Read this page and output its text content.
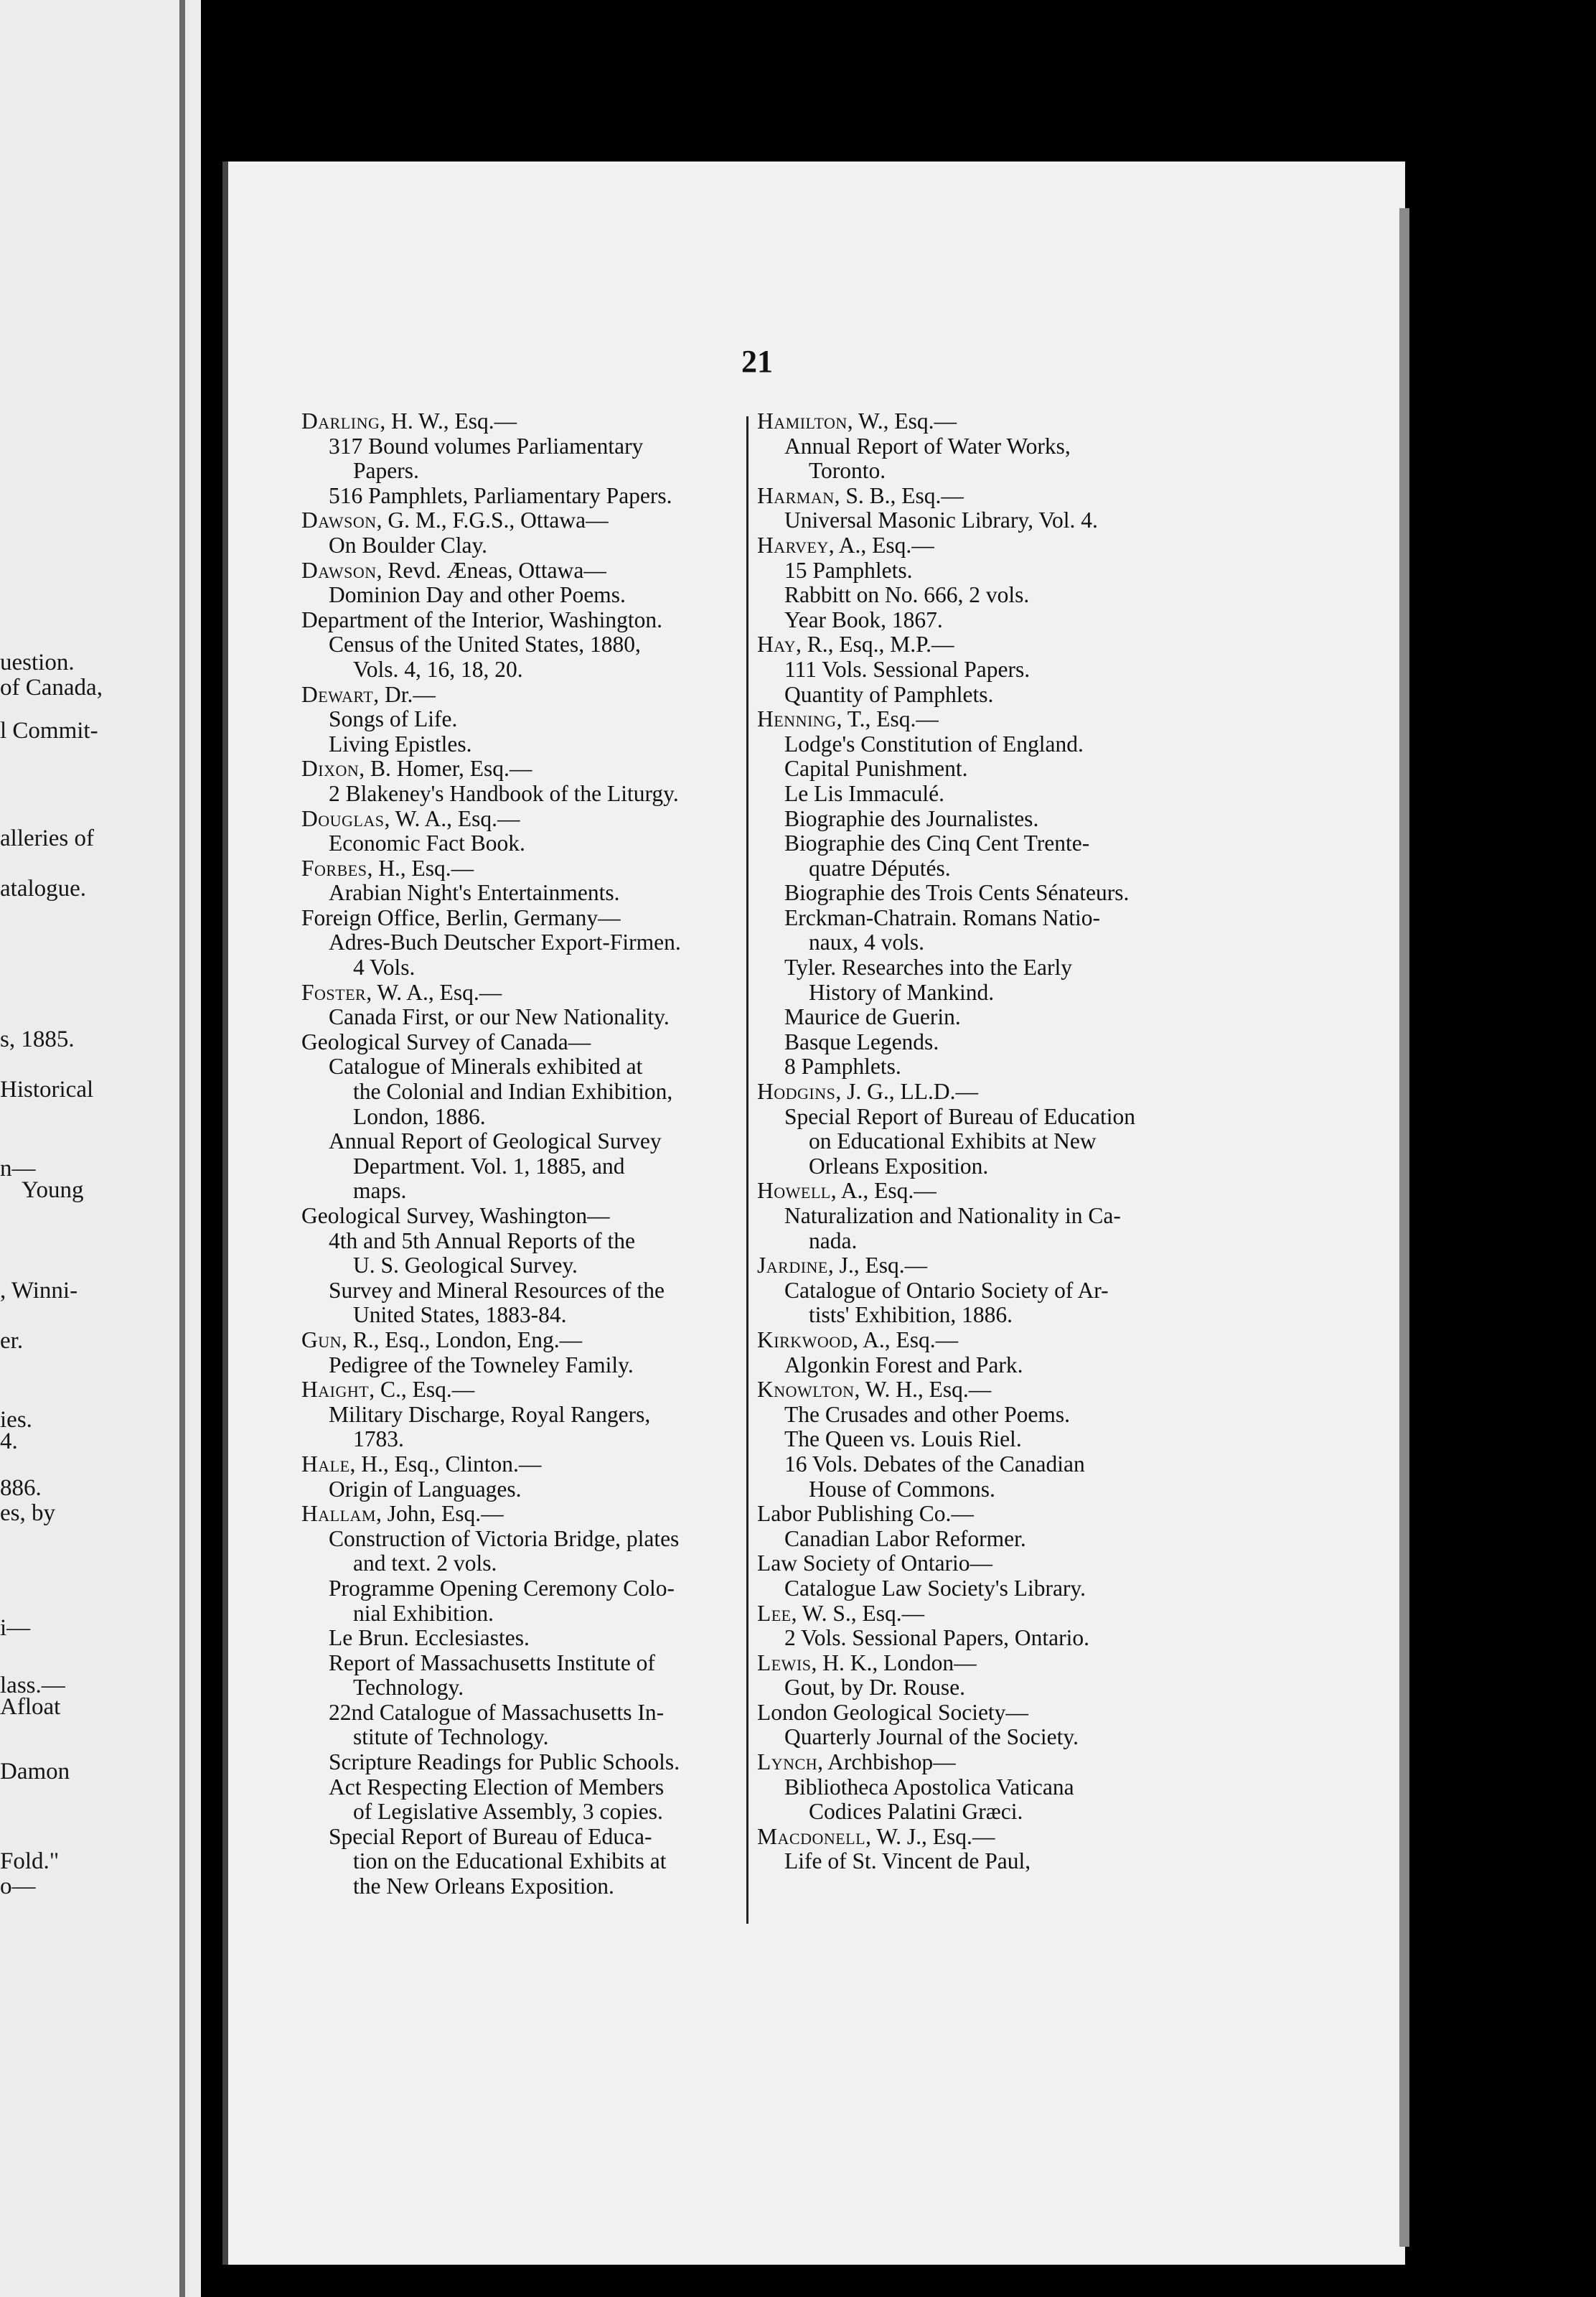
uestion.
of Canada,
l Commit-
alleries of
atalogue.
s, 1885.
Historical
n—
Young
, Winni-
er.
ies.
4.
886.
es, by
i—
lass.—
Afloat
Damon
Fold."
o—
21
Darling, H. W., Esq.—
317 Bound volumes Parliamentary
Papers.
516 Pamphlets, Parliamentary Papers.
Dawson, G. M., F.G.S., Ottawa—
On Boulder Clay.
Dawson, Revd. Æneas, Ottawa—
Dominion Day and other Poems.
Department of the Interior, Washington.
Census of the United States, 1880,
Vols. 4, 16, 18, 20.
Dewart, Dr.—
Songs of Life.
Living Epistles.
Dixon, B. Homer, Esq.—
2 Blakeney's Handbook of the Liturgy.
Douglas, W. A., Esq.—
Economic Fact Book.
Forbes, H., Esq.—
Arabian Night's Entertainments.
Foreign Office, Berlin, Germany—
Adres-Buch Deutscher Export-Firmen.
4 Vols.
Foster, W. A., Esq.—
Canada First, or our New Nationality.
Geological Survey of Canada—
Catalogue of Minerals exhibited at
the Colonial and Indian Exhibition,
London, 1886.
Annual Report of Geological Survey
Department. Vol. 1, 1885, and
maps.
Geological Survey, Washington—
4th and 5th Annual Reports of the
U. S. Geological Survey.
Survey and Mineral Resources of the
United States, 1883-84.
Gun, R., Esq., London, Eng.—
Pedigree of the Towneley Family.
Haight, C., Esq.—
Military Discharge, Royal Rangers,
1783.
Hale, H., Esq., Clinton.—
Origin of Languages.
Hallam, John, Esq.—
Construction of Victoria Bridge, plates
and text. 2 vols.
Programme Opening Ceremony Colo-
nial Exhibition.
Le Brun. Ecclesiastes.
Report of Massachusetts Institute of
Technology.
22nd Catalogue of Massachusetts In-
stitute of Technology.
Scripture Readings for Public Schools.
Act Respecting Election of Members
of Legislative Assembly, 3 copies.
Special Report of Bureau of Educa-
tion on the Educational Exhibits at
the New Orleans Exposition.
Hamilton, W., Esq.—
Annual Report of Water Works,
Toronto.
Harman, S. B., Esq.—
Universal Masonic Library, Vol. 4.
Harvey, A., Esq.—
15 Pamphlets.
Rabbitt on No. 666, 2 vols.
Year Book, 1867.
Hay, R., Esq., M.P.—
111 Vols. Sessional Papers.
Quantity of Pamphlets.
Henning, T., Esq.—
Lodge's Constitution of England.
Capital Punishment.
Le Lis Immaculé.
Biographie des Journalistes.
Biographie des Cinq Cent Trente-
quatre Députés.
Biographie des Trois Cents Sénateurs.
Erckman-Chatrain. Romans Natio-
naux, 4 vols.
Tyler. Researches into the Early
History of Mankind.
Maurice de Guerin.
Basque Legends.
8 Pamphlets.
Hodgins, J. G., LL.D.—
Special Report of Bureau of Education
on Educational Exhibits at New
Orleans Exposition.
Howell, A., Esq.—
Naturalization and Nationality in Ca-
nada.
Jardine, J., Esq.—
Catalogue of Ontario Society of Ar-
tists' Exhibition, 1886.
Kirkwood, A., Esq.—
Algonkin Forest and Park.
Knowlton, W. H., Esq.—
The Crusades and other Poems.
The Queen vs. Louis Riel.
16 Vols. Debates of the Canadian
House of Commons.
Labor Publishing Co.—
Canadian Labor Reformer.
Law Society of Ontario—
Catalogue Law Society's Library.
Lee, W. S., Esq.—
2 Vols. Sessional Papers, Ontario.
Lewis, H. K., London—
Gout, by Dr. Rouse.
London Geological Society—
Quarterly Journal of the Society.
Lynch, Archbishop—
Bibliotheca Apostolica Vaticana
Codices Palatini Græci.
Macdonell, W. J., Esq.—
Life of St. Vincent de Paul,
